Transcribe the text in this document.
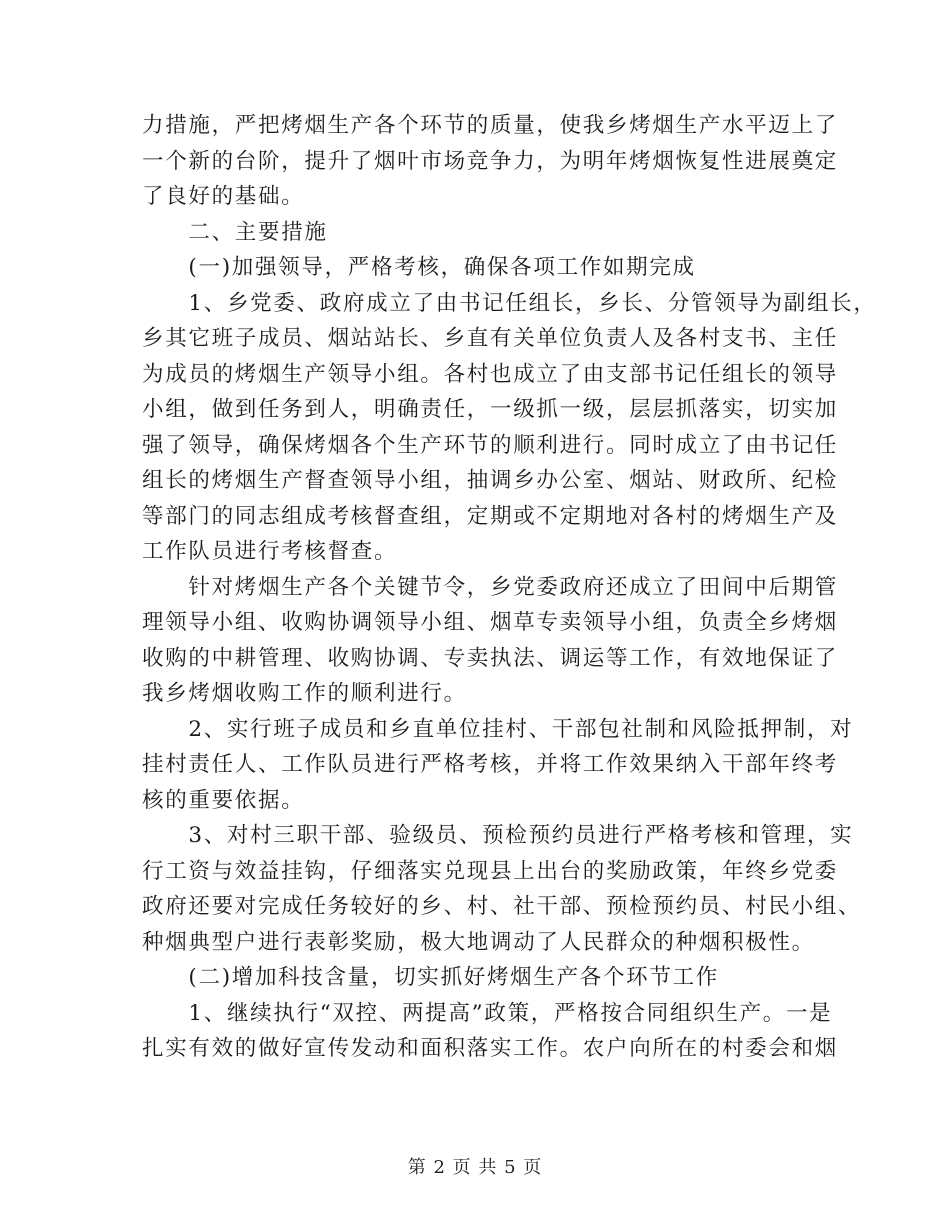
力措施，严把烤烟生产各个环节的质量，使我乡烤烟生产水平迈上了
一个新的台阶，提升了烟叶市场竞争力，为明年烤烟恢复性进展奠定
了良好的基础。
　　二、主要措施
　　(一)加强领导，严格考核，确保各项工作如期完成
　　1、乡党委、政府成立了由书记任组长，乡长、分管领导为副组长，
乡其它班子成员、烟站站长、乡直有关单位负责人及各村支书、主任
为成员的烤烟生产领导小组。各村也成立了由支部书记任组长的领导
小组，做到任务到人，明确责任，一级抓一级，层层抓落实，切实加
强了领导，确保烤烟各个生产环节的顺利进行。同时成立了由书记任
组长的烤烟生产督查领导小组，抽调乡办公室、烟站、财政所、纪检
等部门的同志组成考核督查组，定期或不定期地对各村的烤烟生产及
工作队员进行考核督查。
　　针对烤烟生产各个关键节令，乡党委政府还成立了田间中后期管
理领导小组、收购协调领导小组、烟草专卖领导小组，负责全乡烤烟
收购的中耕管理、收购协调、专卖执法、调运等工作，有效地保证了
我乡烤烟收购工作的顺利进行。
　　2、实行班子成员和乡直单位挂村、干部包社制和风险抵押制，对
挂村责任人、工作队员进行严格考核，并将工作效果纳入干部年终考
核的重要依据。
　　3、对村三职干部、验级员、预检预约员进行严格考核和管理，实
行工资与效益挂钩，仔细落实兑现县上出台的奖励政策，年终乡党委
政府还要对完成任务较好的乡、村、社干部、预检预约员、村民小组、
种烟典型户进行表彰奖励，极大地调动了人民群众的种烟积极性。
　　(二)增加科技含量，切实抓好烤烟生产各个环节工作
　　1、继续执行“双控、两提高”政策，严格按合同组织生产。一是
扎实有效的做好宣传发动和面积落实工作。农户向所在的村委会和烟
第 2 页 共 5 页
